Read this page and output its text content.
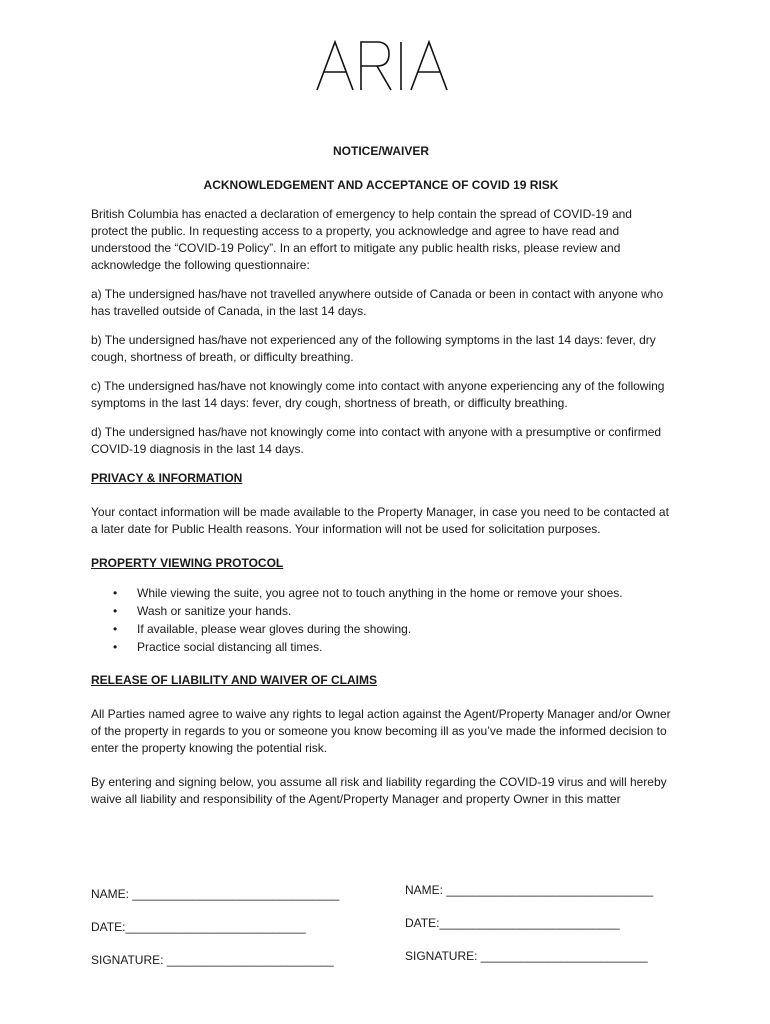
NOTICE/WAIVER
ACKNOWLEDGEMENT AND ACCEPTANCE OF COVID 19 RISK

British Columbia has enacted a declaration of emergency to help contain the spread of COVID-19 and protect the public. In requesting access to a property, you acknowledge and agree to have read and understood the “COVID-19 Policy”. In an effort to mitigate any public health risks, please review and acknowledge the following questionnaire:

a) The undersigned has/have not travelled anywhere outside of Canada or been in contact with anyone who has travelled outside of Canada, in the last 14 days.

b) The undersigned has/have not experienced any of the following symptoms in the last 14 days: fever, dry cough, shortness of breath, or difficulty breathing.

c) The undersigned has/have not knowingly come into contact with anyone experiencing any of the following symptoms in the last 14 days: fever, dry cough, shortness of breath, or difficulty breathing.

d) The undersigned has/have not knowingly come into contact with anyone with a presumptive or confirmed COVID-19 diagnosis in the last 14 days.

PRIVACY & INFORMATION

Your contact information will be made available to the Property Manager, in case you need to be contacted at a later date for Public Health reasons. Your information will not be used for solicitation purposes.

PROPERTY VIEWING PROTOCOL
• While viewing the suite, you agree not to touch anything in the home or remove your shoes.
• Wash or sanitize your hands.
• If available, please wear gloves during the showing.
• Practice social distancing all times.
RELEASE OF LIABILITY AND WAIVER OF CLAIMS

All Parties named agree to waive any rights to legal action against the Agent/Property Manager and/or Owner of the property in regards to you or someone you know becoming ill as you’ve made the informed decision to enter the property knowing the potential risk.

By entering and signing below, you assume all risk and liability regarding the COVID-19 virus and will hereby waive all liability and responsibility of the Agent/Property Manager and property Owner in this matter

NAME: _______________________________	NAME: _______________________________
DATE:___________________________	DATE:___________________________
SIGNATURE: _________________________	SIGNATURE: _________________________
